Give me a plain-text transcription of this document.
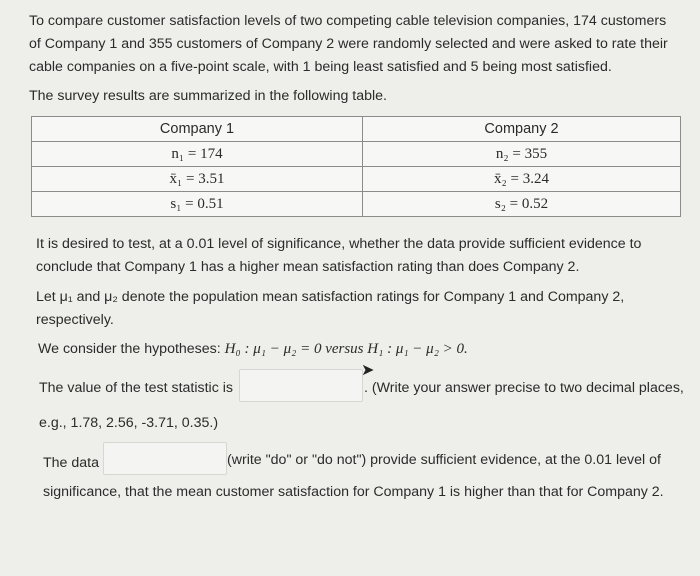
To compare customer satisfaction levels of two competing cable television companies, 174 customers
of Company 1 and 355 customers of Company 2 were randomly selected and were asked to rate their
cable companies on a five-point scale, with 1 being least satisfied and 5 being most satisfied.
The survey results are summarized in the following table.
Company 1	Company 2
n₁ = 174	n₂ = 355
x̄₁ = 3.51	x̄₂ = 3.24
s₁ = 0.51	s₂ = 0.52
It is desired to test, at a 0.01 level of significance, whether the data provide sufficient evidence to
conclude that Company 1 has a higher mean satisfaction rating than does Company 2.
Let μ₁ and μ₂ denote the population mean satisfaction ratings for Company 1 and Company 2,
respectively.
We consider the hypotheses: H₀ : μ₁ − μ₂ = 0 versus H₁ : μ₁ − μ₂ > 0.
The value of the test statistic is	. (Write your answer precise to two decimal places,
➤
e.g., 1.78, 2.56, -3.71, 0.35.)
The data	(write "do" or "do not") provide sufficient evidence, at the 0.01 level of
significance, that the mean customer satisfaction for Company 1 is higher than that for Company 2.
